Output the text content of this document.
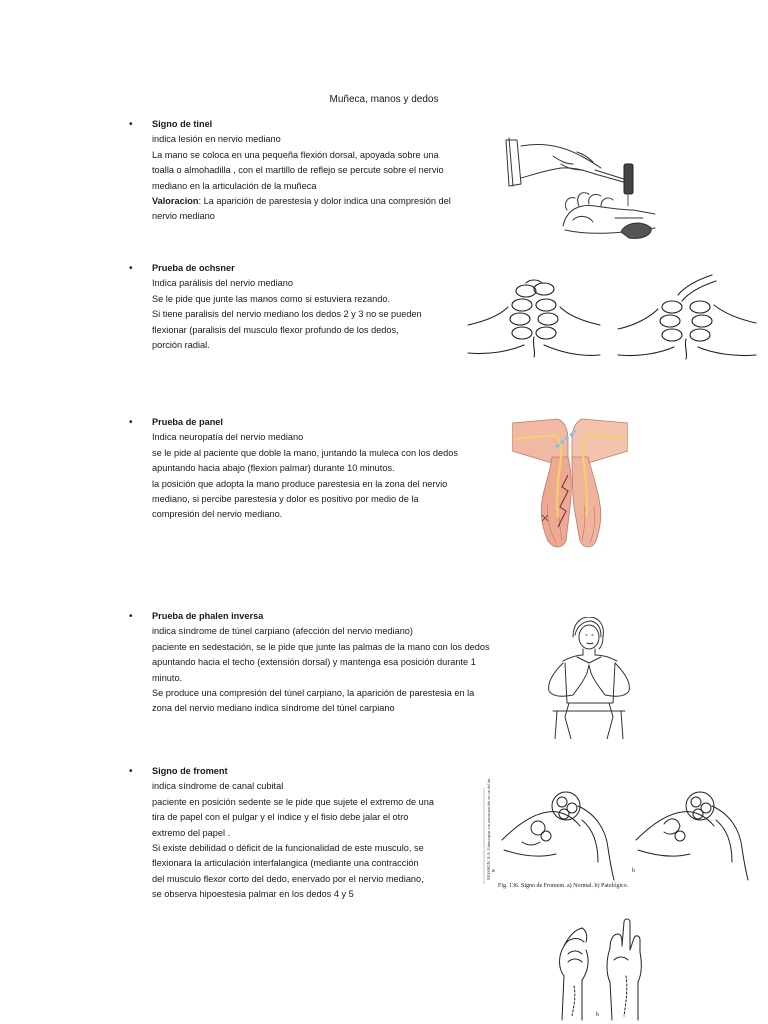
Muñeca, manos y dedos
• Signo de tinel
indica lesión en nervio mediano
La mano se coloca en una pequeña flexión dorsal, apoyada sobre una
toalla o almohadilla , con el martillo de reflejo se percute sobre el nervio
mediano en la articulación de la muñeca
Valoracion: La aparición de parestesia y dolor indica una compresión del
nervio mediano
• Prueba de ochsner
Indica parálisis del nervio mediano
Se le pide que junte las manos como si estuviera rezando.
Si tiene paralisis del nervio mediano los dedos 2 y 3 no se pueden
flexionar (paralisis del musculo flexor profundo de los dedos,
porción radial.
• Prueba de panel
Indica neuropatía del nervio mediano
se le pide al paciente que doble la mano, juntando la muleca con los dedos
apuntando hacia abajo (flexion palmar) durante 10 minutos.
la posición que adopta la mano produce parestesia en la zona del nervio
mediano, si percibe parestesia y dolor es positivo por medio de la
compresión del nervio mediano.
• Prueba de phalen inversa
indica síndrome de túnel carpiano (afección del nervio mediano)
paciente en sedestación, se le pide que junte las palmas de la mano con los dedos
apuntando hacia el techo (extensión dorsal) y mantenga esa posición durante 1
minuto.
Se produce una compresión del túnel carpiano, la aparición de parestesia en la
zona del nervio mediano indica síndrome del túnel carpiano
• Signo de froment
indica síndrome de canal cubital
paciente en posición sedente se le pide que sujete el extremo de una
tira de papel con el pulgar y el índice y el fisio debe jalar el otro
extremo del papel .
Si existe debilidad o déficit de la funcionalidad de este musculo, se
flexionara la articulación interfalangica (mediante una contracción
del musculo flexor corto del dedo, enervado por el nervio mediano,
se observa hipoestesia palmar en los dedos 4 y 5
a	b
Fig. 136. Signo de Froment. a) Normal. b) Patológico.
MASSON. S.A. Fotocopiar sin autorización es un delito.
b
